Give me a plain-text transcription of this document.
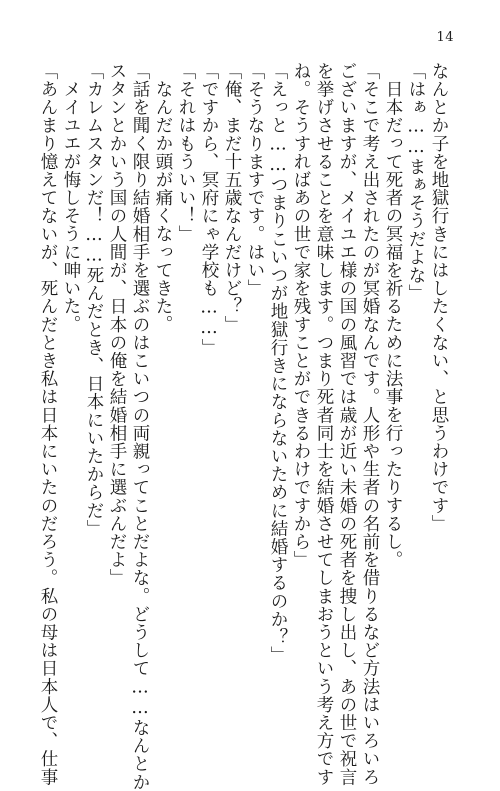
14
なんとか子を地獄行きにはしたくない、と思うわけです」
「はぁ……まぁそうだよな」
日本だって死者の冥福を祈るために法事を行ったりするし。
「そこで考え出されたのが冥婚なんです。人形や生者の名前を借りるなど方法はいろいろ
ございますが、メイユエ様の国の風習では歳が近い未婚の死者を捜し出し、あの世で祝言
を挙げさせることを意味します。つまり死者同士を結婚させてしまおうという考え方です
ね。そうすればあの世で家を残すことができるわけですから」
「えっと……つまりこいつが地獄行きにならないために結婚するのか？」
「そうなりますです。はい」
「俺、まだ十五歳なんだけど？」
「ですから、冥府にゃ学校も……」
「それはもういい！」
なんだか頭が痛くなってきた。
「話を聞く限り結婚相手を選ぶのはこいつの両親ってことだよな。どうして……なんとか
スタンとかいう国の人間が、日本の俺を結婚相手に選ぶんだよ」
「カレムスタンだ！……死んだとき、日本にいたからだ」
メイユエが悔しそうに呻いた。
「あんまり憶えてないが、死んだとき私は日本にいたのだろう。私の母は日本人で、仕事
